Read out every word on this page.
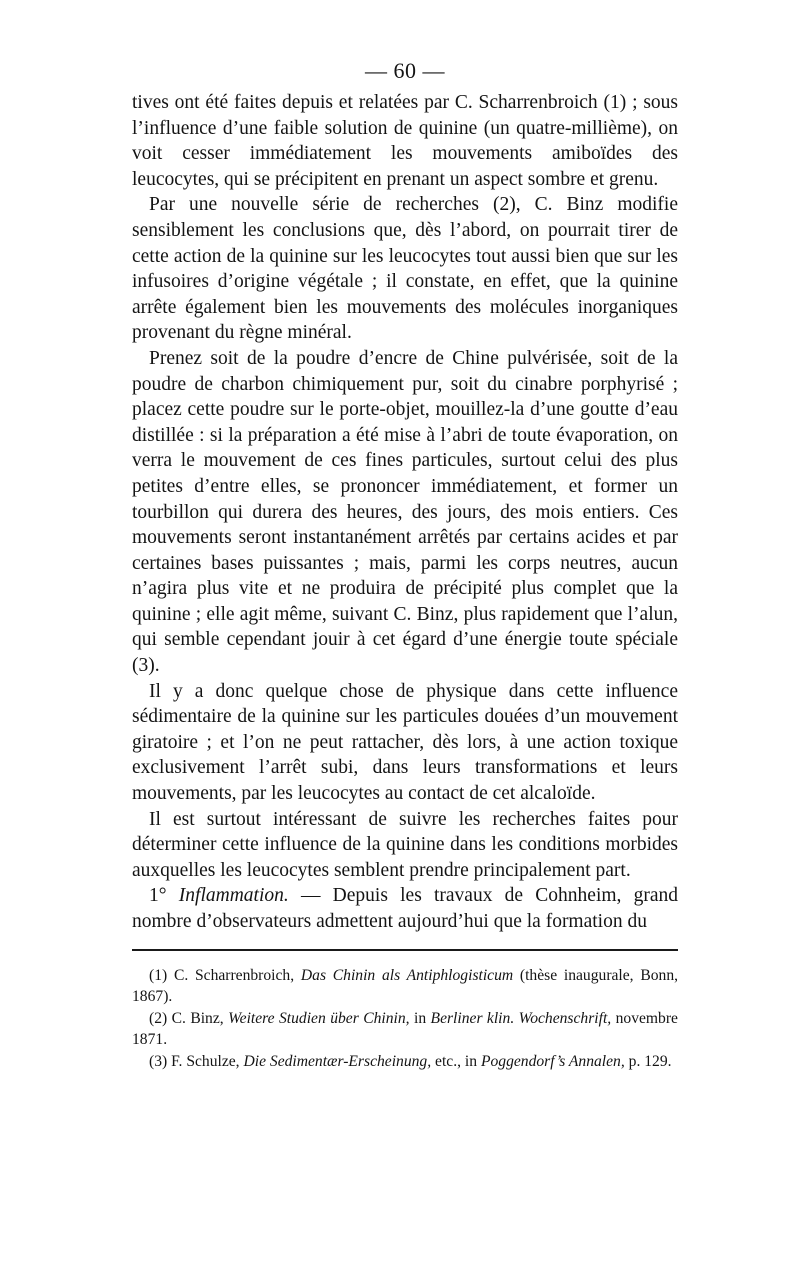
— 60 —

tives ont été faites depuis et relatées par C. Scharrenbroich (1) ; sous l’influence d’une faible solution de quinine (un quatre-millième), on voit cesser immédiatement les mouvements amiboïdes des leucocytes, qui se précipitent en prenant un aspect sombre et grenu.

Par une nouvelle série de recherches (2), C. Binz modifie sensiblement les conclusions que, dès l’abord, on pourrait tirer de cette action de la quinine sur les leucocytes tout aussi bien que sur les infusoires d’origine végétale ; il constate, en effet, que la quinine arrête également bien les mouvements des molécules inorganiques provenant du règne minéral.

Prenez soit de la poudre d’encre de Chine pulvérisée, soit de la poudre de charbon chimiquement pur, soit du cinabre porphyrisé ; placez cette poudre sur le porte-objet, mouillez-la d’une goutte d’eau distillée : si la préparation a été mise à l’abri de toute évaporation, on verra le mouvement de ces fines particules, surtout celui des plus petites d’entre elles, se prononcer immédiatement, et former un tourbillon qui durera des heures, des jours, des mois entiers. Ces mouvements seront instantanément arrêtés par certains acides et par certaines bases puissantes ; mais, parmi les corps neutres, aucun n’agira plus vite et ne produira de précipité plus complet que la quinine ; elle agit même, suivant C. Binz, plus rapidement que l’alun, qui semble cependant jouir à cet égard d’une énergie toute spéciale (3).

Il y a donc quelque chose de physique dans cette influence sédimentaire de la quinine sur les particules douées d’un mouvement giratoire ; et l’on ne peut rattacher, dès lors, à une action toxique exclusivement l’arrêt subi, dans leurs transformations et leurs mouvements, par les leucocytes au contact de cet alcaloïde.

Il est surtout intéressant de suivre les recherches faites pour déterminer cette influence de la quinine dans les conditions morbides auxquelles les leucocytes semblent prendre principalement part.

1° Inflammation. — Depuis les travaux de Cohnheim, grand nombre d’observateurs admettent aujourd’hui que la formation du

(1) C. Scharrenbroich, Das Chinin als Antiphlogisticum (thèse inaugurale, Bonn, 1867).

(2) C. Binz, Weitere Studien über Chinin, in Berliner klin. Wochenschrift, novembre 1871.

(3) F. Schulze, Die Sedimentær-Erscheinung, etc., in Poggendorf’s Annalen, p. 129.
